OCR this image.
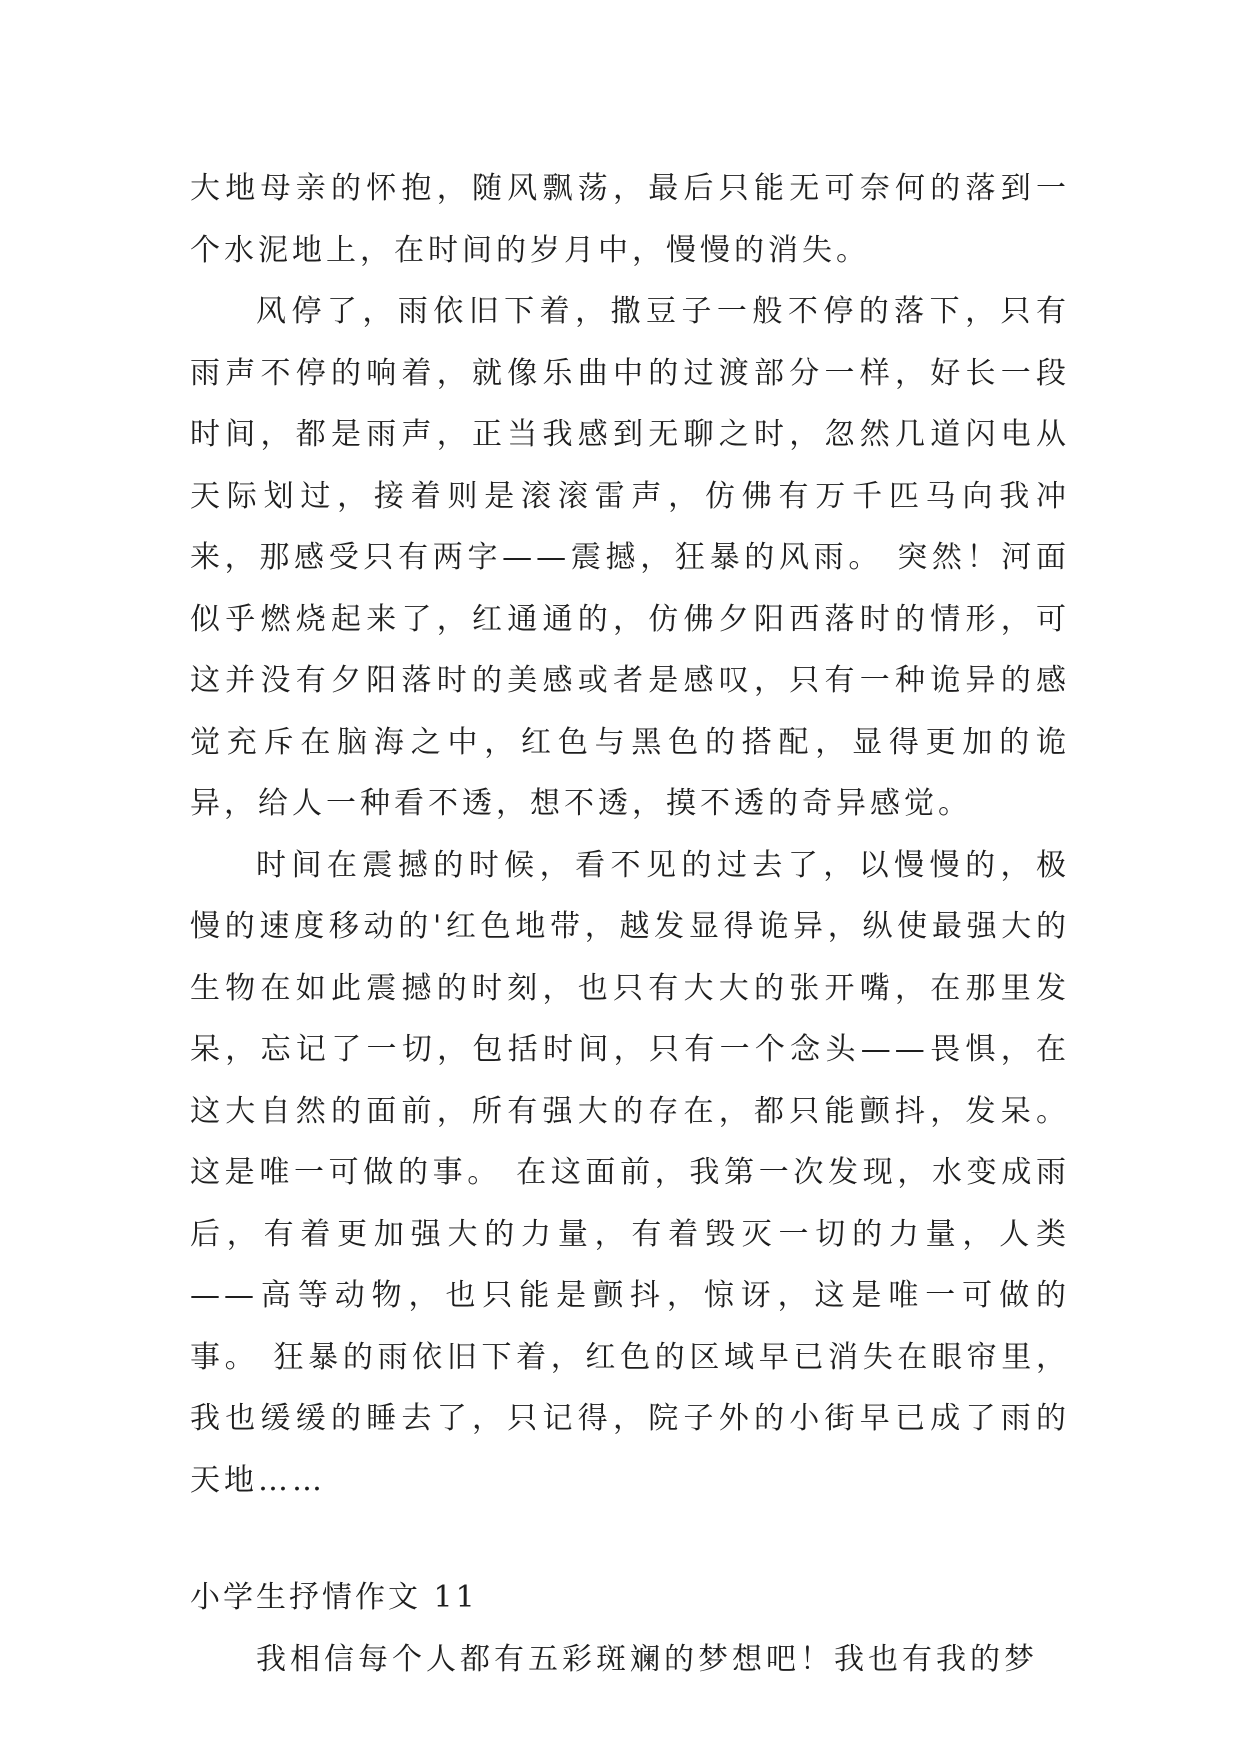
大地母亲的怀抱，随风飘荡，最后只能无可奈何的落到一个水泥地上，在时间的岁月中，慢慢的消失。

风停了，雨依旧下着，撒豆子一般不停的落下，只有雨声不停的响着，就像乐曲中的过渡部分一样，好长一段时间，都是雨声，正当我感到无聊之时，忽然几道闪电从天际划过，接着则是滚滚雷声，仿佛有万千匹马向我冲来，那感受只有两字——震撼，狂暴的风雨。 突然！河面似乎燃烧起来了，红通通的，仿佛夕阳西落时的情形，可这并没有夕阳落时的美感或者是感叹，只有一种诡异的感觉充斥在脑海之中，红色与黑色的搭配，显得更加的诡异，给人一种看不透，想不透，摸不透的奇异感觉。

时间在震撼的时候，看不见的过去了，以慢慢的，极慢的速度移动的'红色地带，越发显得诡异，纵使最强大的生物在如此震撼的时刻，也只有大大的张开嘴，在那里发呆，忘记了一切，包括时间，只有一个念头——畏惧，在这大自然的面前，所有强大的存在，都只能颤抖，发呆。这是唯一可做的事。 在这面前，我第一次发现，水变成雨后，有着更加强大的力量，有着毁灭一切的力量，人类——高等动物，也只能是颤抖，惊讶，这是唯一可做的事。 狂暴的雨依旧下着，红色的区域早已消失在眼帘里，我也缓缓的睡去了，只记得，院子外的小街早已成了雨的天地……

小学生抒情作文 11

我相信每个人都有五彩斑斓的梦想吧！我也有我的梦
